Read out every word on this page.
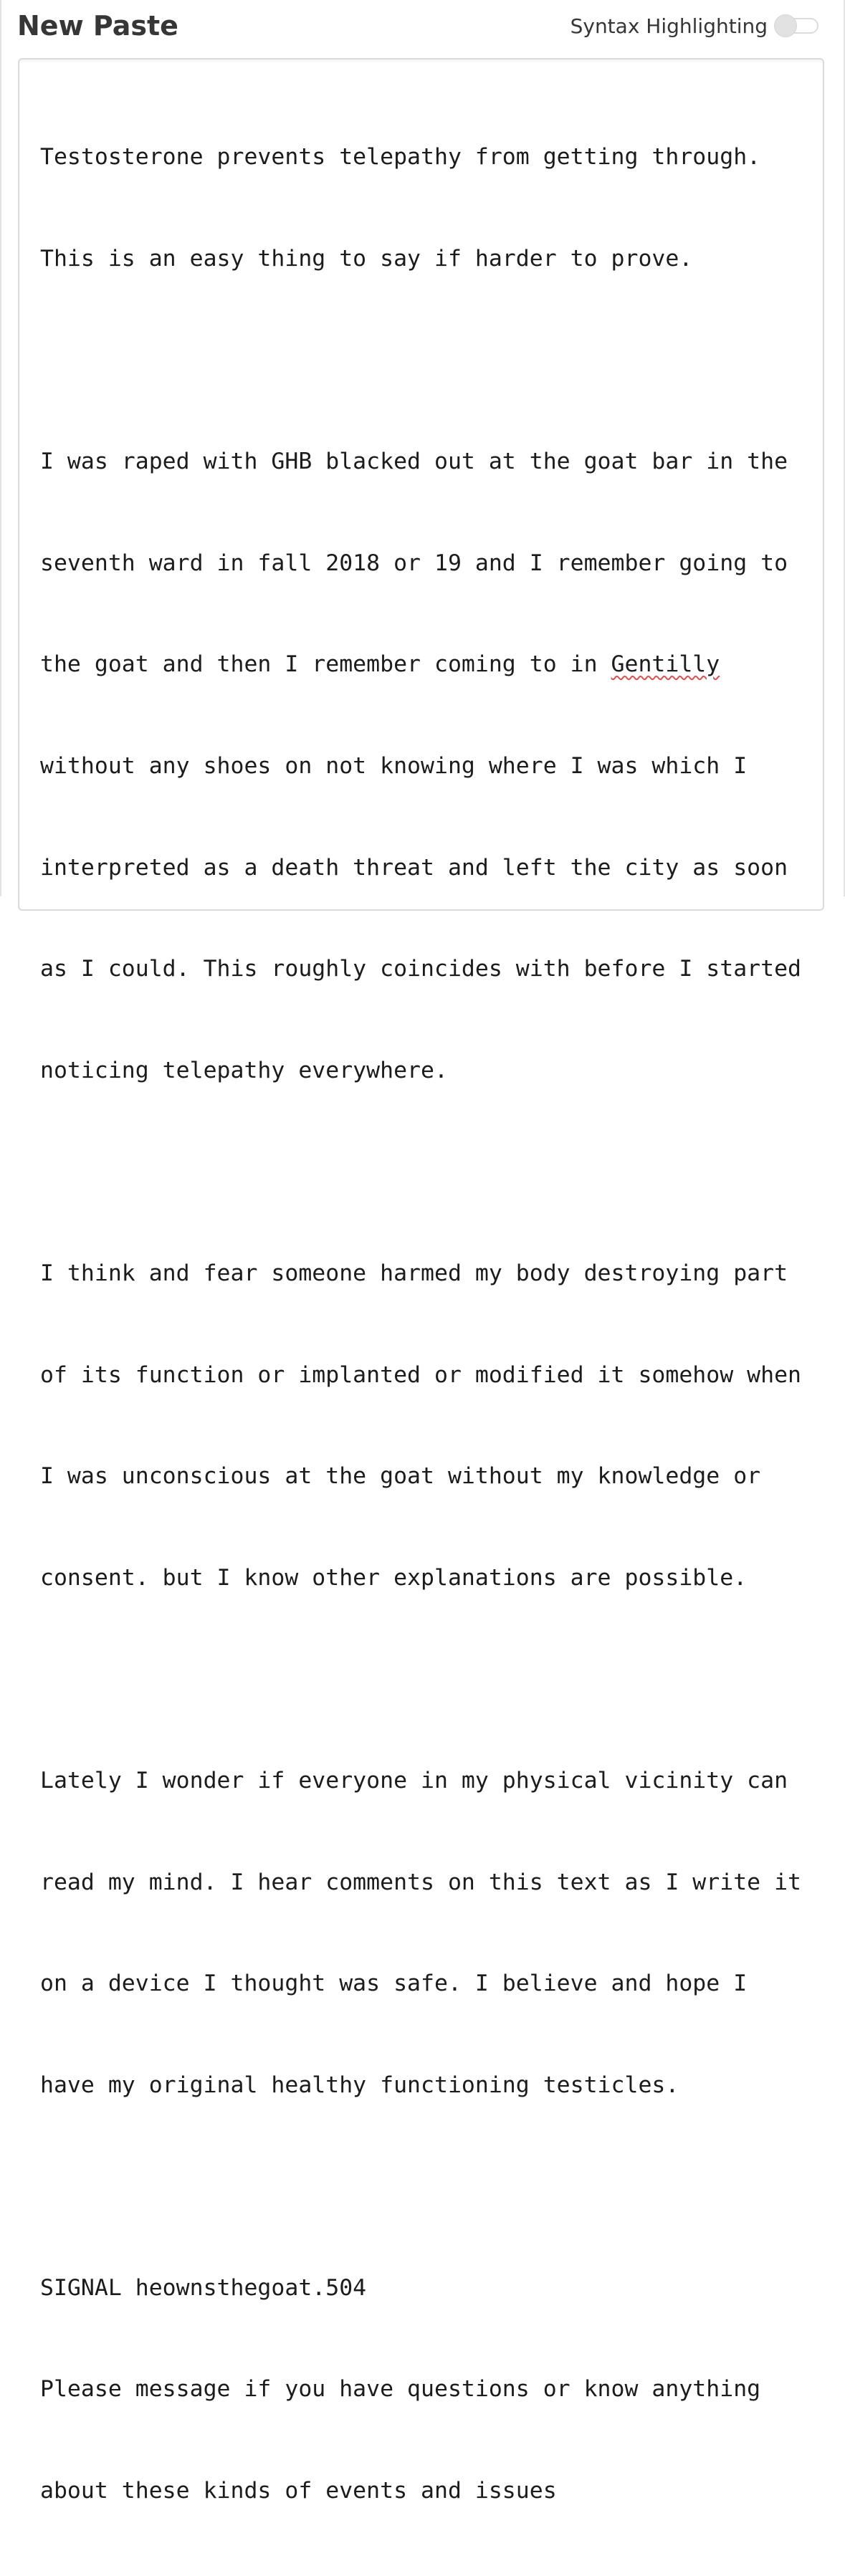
New Paste	Syntax Highlighting

Testosterone prevents telepathy from getting through.

This is an easy thing to say if harder to prove.

I was raped with GHB blacked out at the goat bar in the

seventh ward in fall 2018 or 19 and I remember going to

the goat and then I remember coming to in Gentilly

without any shoes on not knowing where I was which I

interpreted as a death threat and left the city as soon

as I could. This roughly coincides with before I started

noticing telepathy everywhere.

I think and fear someone harmed my body destroying part

of its function or implanted or modified it somehow when

I was unconscious at the goat without my knowledge or

consent. but I know other explanations are possible.

Lately I wonder if everyone in my physical vicinity can

read my mind. I hear comments on this text as I write it

on a device I thought was safe. I believe and hope I

have my original healthy functioning testicles.

SIGNAL heownsthegoat.504

Please message if you have questions or know anything

about these kinds of events and issues
